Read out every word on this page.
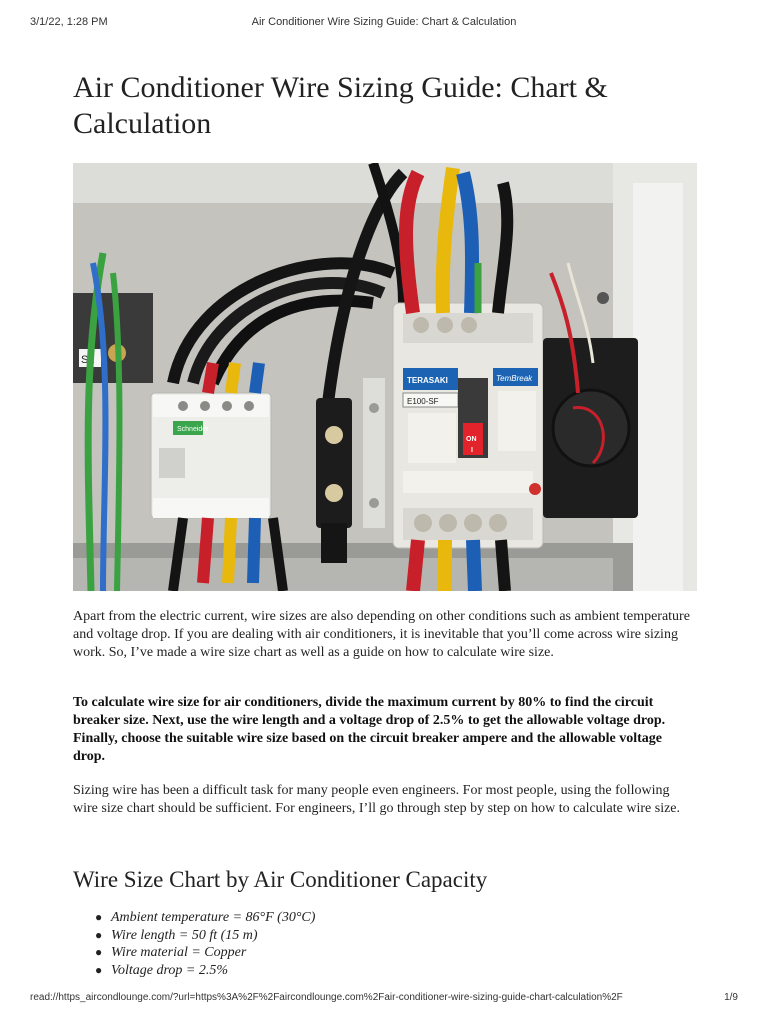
3/1/22, 1:28 PM	Air Conditioner Wire Sizing Guide: Chart & Calculation
Air Conditioner Wire Sizing Guide: Chart & Calculation
S2
Schneider
TERASAKI	TemBreak
E100-SF
ON
I

Apart from the electric current, wire sizes are also depending on other conditions such as ambient temperature and voltage drop. If you are dealing with air conditioners, it is inevitable that you’ll come across wire sizing work. So, I’ve made a wire size chart as well as a guide on how to calculate wire size.

To calculate wire size for air conditioners, divide the maximum current by 80% to find the circuit breaker size. Next, use the wire length and a voltage drop of 2.5% to get the allowable voltage drop. Finally, choose the suitable wire size based on the circuit breaker ampere and the allowable voltage drop.

Sizing wire has been a difficult task for many people even engineers. For most people, using the following wire size chart should be sufficient. For engineers, I’ll go through step by step on how to calculate wire size.

Wire Size Chart by Air Conditioner Capacity
● Ambient temperature = 86°F (30°C)
● Wire length = 50 ft (15 m)
● Wire material = Copper
● Voltage drop = 2.5%
read://https_aircondlounge.com/?url=https%3A%2F%2Faircondlounge.com%2Fair-conditioner-wire-sizing-guide-chart-calculation%2F	1/9
